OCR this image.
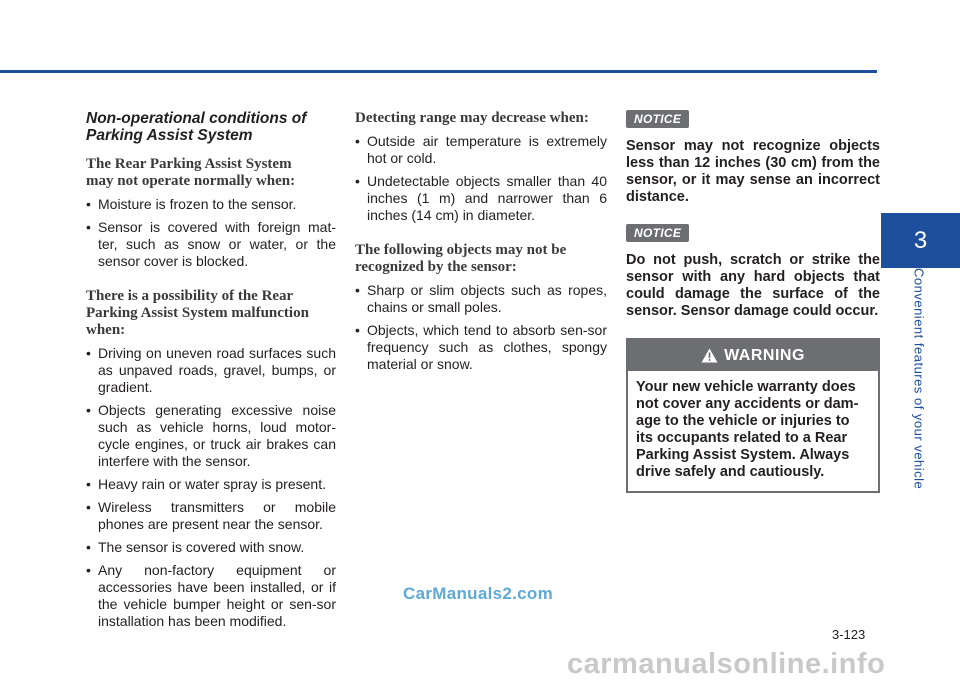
Non-operational conditions of
Parking Assist System
The Rear Parking Assist System
may not operate normally when:
• Moisture is frozen to the sensor.
• Sensor is covered with foreign mat-ter, such as snow or water, or the sensor cover is blocked.
There is a possibility of the Rear
Parking Assist System malfunction
when:
• Driving on uneven road surfaces such as unpaved roads, gravel, bumps, or gradient.
• Objects generating excessive noise such as vehicle horns, loud motor-cycle engines, or truck air brakes can interfere with the sensor.
• Heavy rain or water spray is present.
• Wireless transmitters or mobile phones are present near the sensor.
• The sensor is covered with snow.
• Any non-factory equipment or accessories have been installed, or if the vehicle bumper height or sen-sor installation has been modified.
Detecting range may decrease when:
• Outside air temperature is extremely hot or cold.
• Undetectable objects smaller than 40 inches (1 m) and narrower than 6 inches (14 cm) in diameter.
The following objects may not be
recognized by the sensor:
• Sharp or slim objects such as ropes, chains or small poles.
• Objects, which tend to absorb sen-sor frequency such as clothes, spongy material or snow.
NOTICE

Sensor may not recognize objects less than 12 inches (30 cm) from the sensor, or it may sense an incorrect distance.

NOTICE

Do not push, scratch or strike the sensor with any hard objects that could damage the surface of the sensor. Sensor damage could occur.

WARNING
Your new vehicle warranty does not cover any accidents or dam-age to the vehicle or injuries to its occupants related to a Rear Parking Assist System. Always drive safely and cautiously.
3
Convenient features of your vehicle
3-123
CarManuals2.com
carmanualsonline.info
